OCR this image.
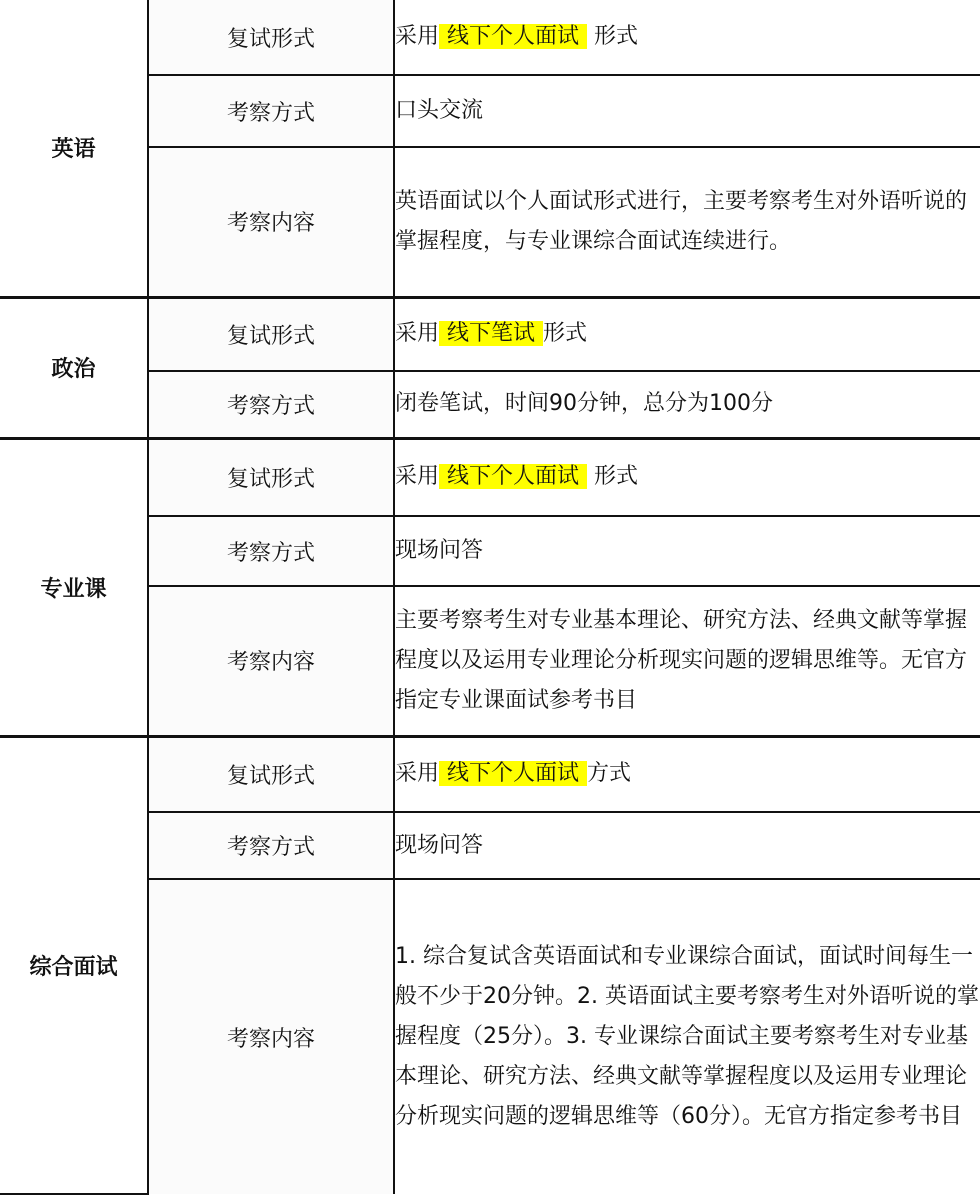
英语	复试形式	采用 线下个人面试 形式
	考察方式	口头交流
	考察内容	英语面试以个人面试形式进行，主要考察考生对外语听说的掌握程度，与专业课综合面试连续进行。
政治	复试形式	采用 线下笔试 形式
	考察方式	闭卷笔试，时间90分钟，总分为100分
专业课	复试形式	采用 线下个人面试 形式
	考察方式	现场问答
	考察内容	主要考察考生对专业基本理论、研究方法、经典文献等掌握程度以及运用专业理论分析现实问题的逻辑思维等。无官方指定专业课面试参考书目
综合面试	复试形式	采用 线下个人面试 方式
	考察方式	现场问答
	考察内容	1. 综合复试含英语面试和专业课综合面试，面试时间每生一般不少于20分钟。2. 英语面试主要考察考生对外语听说的掌握程度（25分）。3. 专业课综合面试主要考察考生对专业基本理论、研究方法、经典文献等掌握程度以及运用专业理论分析现实问题的逻辑思维等（60分）。无官方指定参考书目
